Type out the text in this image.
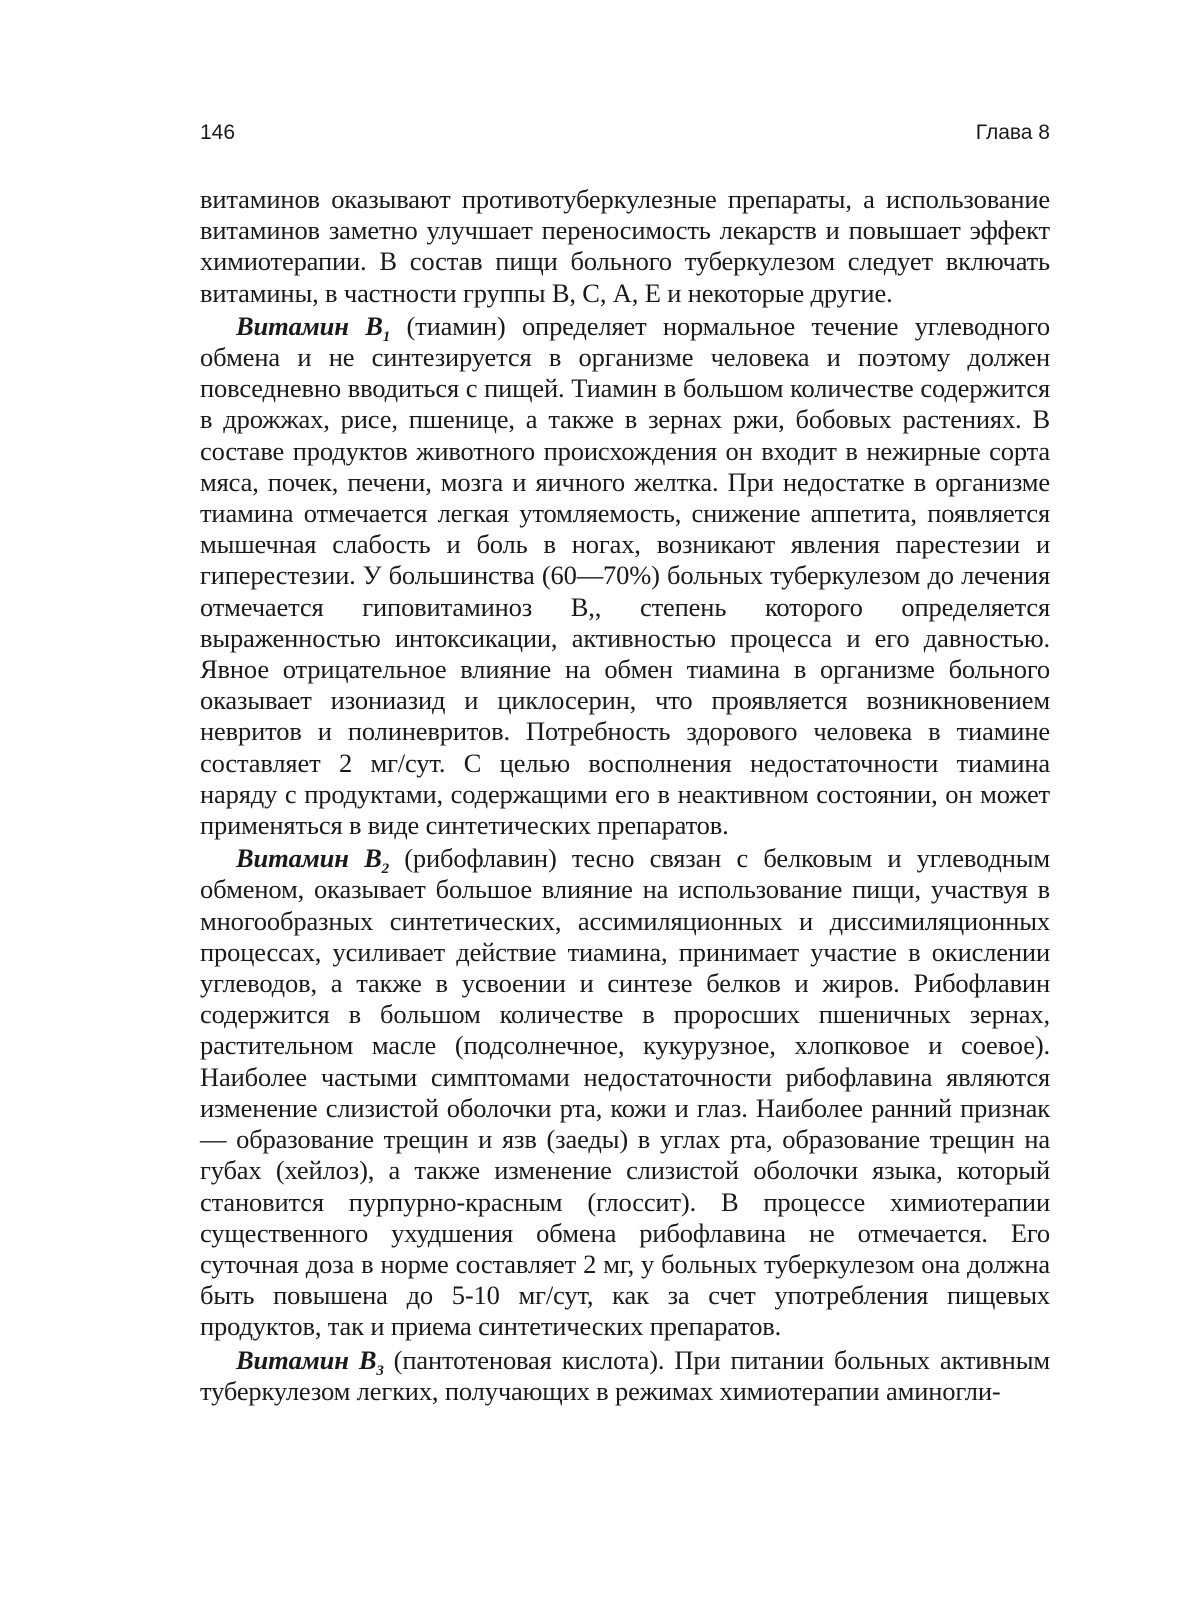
146	Глава 8

витаминов оказывают противотуберкулезные препараты, а использование витаминов заметно улучшает переносимость лекарств и повышает эффект химиотерапии. В состав пищи больного туберкулезом следует включать витамины, в частности группы В, С, А, Е и некоторые другие.

Витамин $В_1$ (тиамин) определяет нормальное течение углеводного обмена и не синтезируется в организме человека и поэтому должен повседневно вводиться с пищей. Тиамин в большом количестве содержится в дрожжах, рисе, пшенице, а также в зернах ржи, бобовых растениях. В составе продуктов животного происхождения он входит в нежирные сорта мяса, почек, печени, мозга и яичного желтка. При недостатке в организме тиамина отмечается легкая утомляемость, снижение аппетита, появляется мышечная слабость и боль в ногах, возникают явления парестезии и гиперестезии. У большинства (60—70%) больных туберкулезом до лечения отмечается гиповитаминоз В,, степень которого определяется выраженностью интоксикации, активностью процесса и его давностью. Явное отрицательное влияние на обмен тиамина в организме больного оказывает изониазид и циклосерин, что проявляется возникновением невритов и полиневритов. Потребность здорового человека в тиамине составляет 2 мг/сут. С целью восполнения недостаточности тиамина наряду с продуктами, содержащими его в неактивном состоянии, он может применяться в виде синтетических препаратов.

Витамин $В_2$ (рибофлавин) тесно связан с белковым и углеводным обменом, оказывает большое влияние на использование пищи, участвуя в многообразных синтетических, ассимиляционных и диссимиляционных процессах, усиливает действие тиамина, принимает участие в окислении углеводов, а также в усвоении и синтезе белков и жиров. Рибофлавин содержится в большом количестве в проросших пшеничных зернах, растительном масле (подсолнечное, кукурузное, хлопковое и соевое). Наиболее частыми симптомами недостаточности рибофлавина являются изменение слизистой оболочки рта, кожи и глаз. Наиболее ранний признак — образование трещин и язв (заеды) в углах рта, образование трещин на губах (хейлоз), а также изменение слизистой оболочки языка, который становится пурпурно-красным (глоссит). В процессе химиотерапии существенного ухудшения обмена рибофлавина не отмечается. Его суточная доза в норме составляет 2 мг, у больных туберкулезом она должна быть повышена до 5-10 мг/сут, как за счет употребления пищевых продуктов, так и приема синтетических препаратов.

Витамин $В_3$ (пантотеновая кислота). При питании больных активным туберкулезом легких, получающих в режимах химиотерапии аминогли-
